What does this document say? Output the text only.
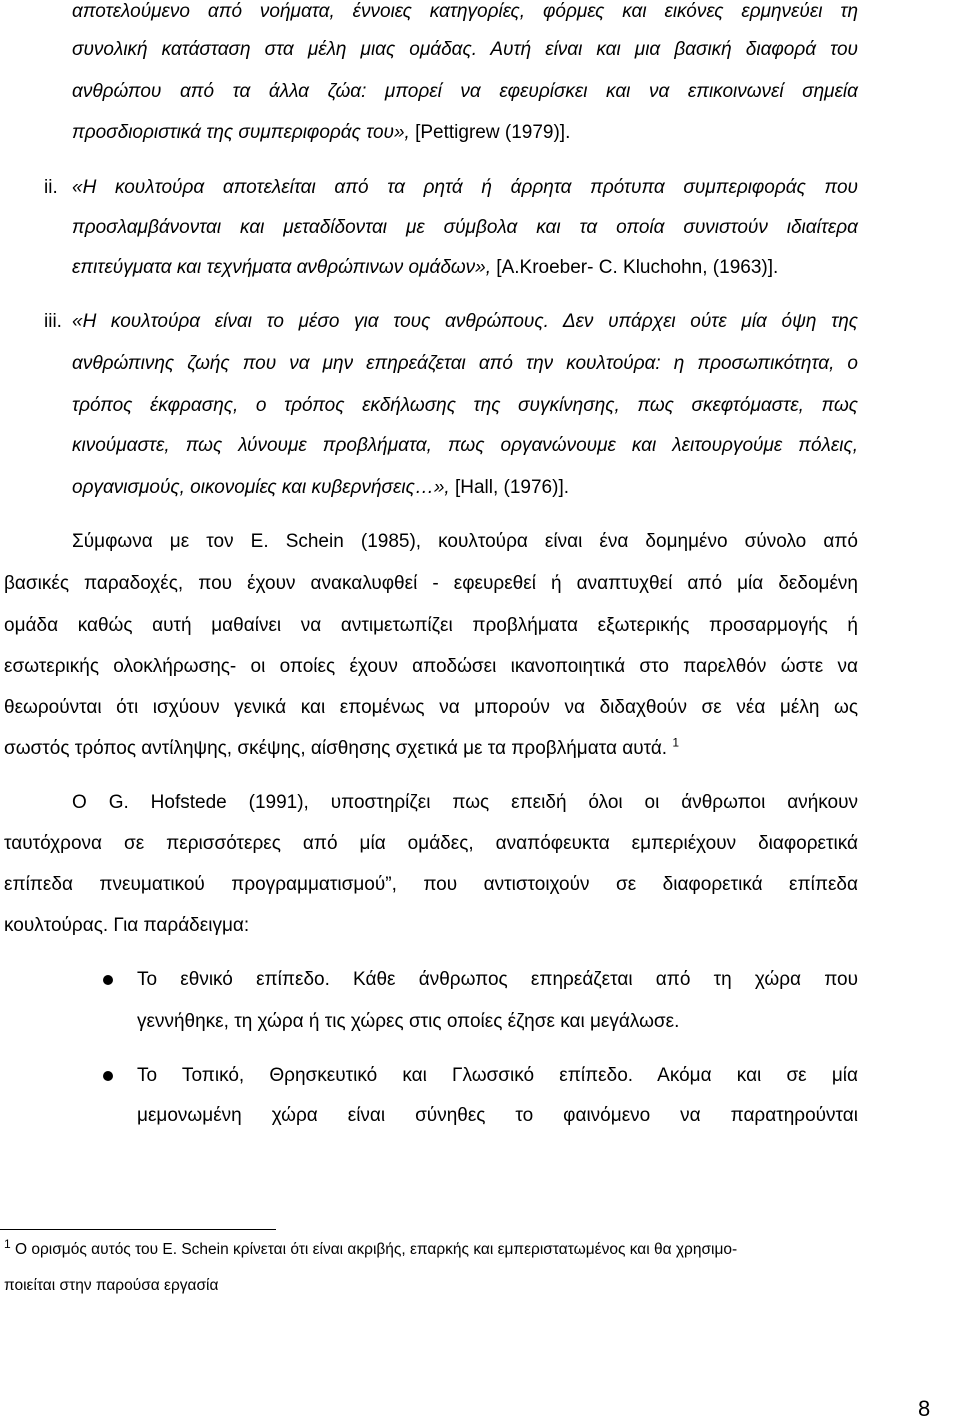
αποτελούμενο από νοήματα, έννοιες κατηγορίες, φόρμες και εικόνες ερμηνεύει τη
συνολική κατάσταση στα μέλη μιας ομάδας. Αυτή είναι και μια βασική διαφορά του
ανθρώπου από τα άλλα ζώα: μπορεί να εφευρίσκει και να επικοινωνεί σημεία
προσδιοριστικά της συμπεριφοράς του», [Pettigrew (1979)].
ii. «Η κουλτούρα αποτελείται από τα ρητά ή άρρητα πρότυπα συμπεριφοράς που
προσλαμβάνονται και μεταδίδονται με σύμβολα και τα οποία συνιστούν ιδιαίτερα
επιτεύγματα και τεχνήματα ανθρώπινων ομάδων», [A.Kroeber- C. Kluchohn, (1963)].
iii. «Η κουλτούρα είναι το μέσο για τους ανθρώπους. Δεν υπάρχει ούτε μία όψη της
ανθρώπινης ζωής που να μην επηρεάζεται από την κουλτούρα: η προσωπικότητα, ο
τρόπος έκφρασης, ο τρόπος εκδήλωσης της συγκίνησης, πως σκεφτόμαστε, πως
κινούμαστε, πως λύνουμε προβλήματα, πως οργανώνουμε και λειτουργούμε πόλεις,
οργανισμούς, οικονομίες και κυβερνήσεις…», [Hall, (1976)].
Σύμφωνα με τον E. Schein (1985), κουλτούρα είναι ένα δομημένο σύνολο από
βασικές παραδοχές, που έχουν ανακαλυφθεί - εφευρεθεί ή αναπτυχθεί από μία δεδομένη
ομάδα καθώς αυτή μαθαίνει να αντιμετωπίζει προβλήματα εξωτερικής προσαρμογής ή
εσωτερικής ολοκλήρωσης- οι οποίες έχουν αποδώσει ικανοποιητικά στο παρελθόν ώστε να
θεωρούνται ότι ισχύουν γενικά και επομένως να μπορούν να διδαχθούν σε νέα μέλη ως
σωστός τρόπος αντίληψης, σκέψης, αίσθησης σχετικά με τα προβλήματα αυτά. $^1$
Ο G. Hofstede (1991), υποστηρίζει πως επειδή όλοι οι άνθρωποι ανήκουν
ταυτόχρονα σε περισσότερες από μία ομάδες, αναπόφευκτα εμπεριέχουν διαφορετικά
επίπεδα πνευματικού προγραμματισμού”, που αντιστοιχούν σε διαφορετικά επίπεδα
κουλτούρας. Για παράδειγμα:
Το εθνικό επίπεδο. Κάθε άνθρωπος επηρεάζεται από τη χώρα που
γεννήθηκε, τη χώρα ή τις χώρες στις οποίες έζησε και μεγάλωσε.
Το Τοπικό, Θρησκευτικό και Γλωσσικό επίπεδο. Ακόμα και σε μία
μεμονωμένη χώρα είναι σύνηθες το φαινόμενο να παρατηρούνται
$^1$ Ο ορισμός αυτός του E. Schein κρίνεται ότι είναι ακριβής, επαρκής και εμπεριστατωμένος και θα χρησιμο-
ποιείται στην παρούσα εργασία
8
